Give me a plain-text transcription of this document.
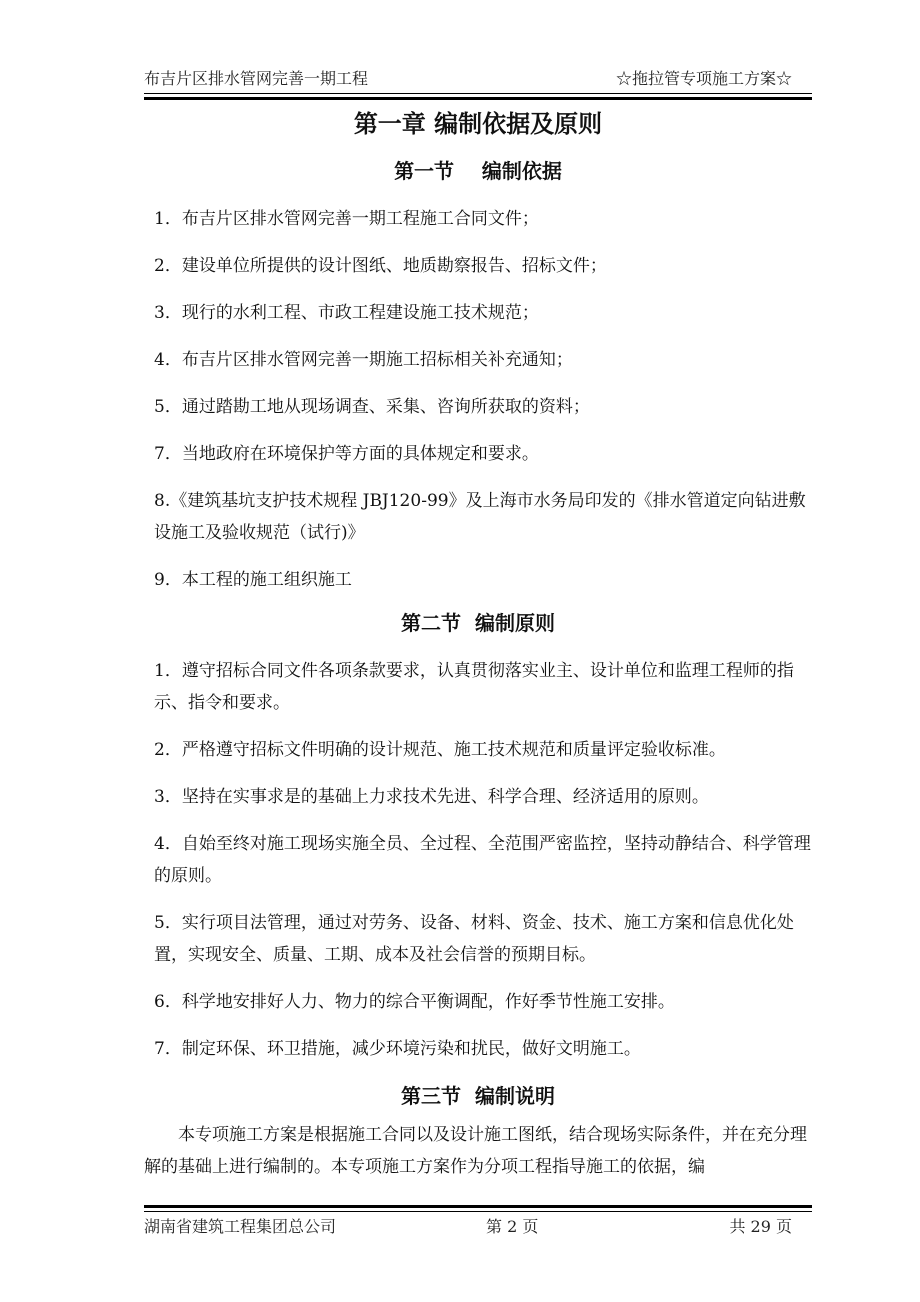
布吉片区排水管网完善一期工程	☆拖拉管专项施工方案☆
第一章 编制依据及原则
第一节    编制依据

1．布吉片区排水管网完善一期工程施工合同文件；

2．建设单位所提供的设计图纸、地质勘察报告、招标文件；

3．现行的水利工程、市政工程建设施工技术规范；

4．布吉片区排水管网完善一期施工招标相关补充通知；

5．通过踏勘工地从现场调查、采集、咨询所获取的资料；

7．当地政府在环境保护等方面的具体规定和要求。

8.《建筑基坑支护技术规程 JBJ120-99》及上海市水务局印发的《排水管道定向钻进敷设施工及验收规范（试行)》

9．本工程的施工组织施工

第二节  编制原则

1．遵守招标合同文件各项条款要求，认真贯彻落实业主、设计单位和监理工程师的指示、指令和要求。

2．严格遵守招标文件明确的设计规范、施工技术规范和质量评定验收标准。

3．坚持在实事求是的基础上力求技术先进、科学合理、经济适用的原则。

4．自始至终对施工现场实施全员、全过程、全范围严密监控，坚持动静结合、科学管理的原则。

5．实行项目法管理，通过对劳务、设备、材料、资金、技术、施工方案和信息优化处置，实现安全、质量、工期、成本及社会信誉的预期目标。

6．科学地安排好人力、物力的综合平衡调配，作好季节性施工安排。

7．制定环保、环卫措施，减少环境污染和扰民，做好文明施工。

第三节  编制说明

本专项施工方案是根据施工合同以及设计施工图纸，结合现场实际条件，并在充分理解的基础上进行编制的。本专项施工方案作为分项工程指导施工的依据，编

湖南省建筑工程集团总公司	第 2 页	共 29 页
